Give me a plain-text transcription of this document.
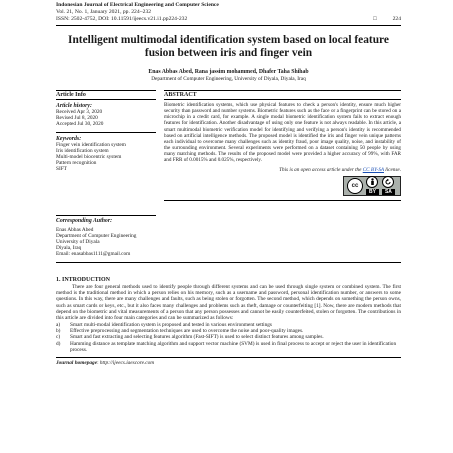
Indonesian Journal of Electrical Engineering and Computer Science
Vol. 21, No. 1, January 2021, pp. 224~232
ISSN: 2502-4752, DOI: 10.11591/ijeecs.v21.i1.pp224-232	□	224
Intelligent multimodal identification system based on local feature fusion between iris and finger vein
Enas Abbas Abed, Rana jassim mohammed, Dhafer Taha Shihab
Department of Computer Engineering, University of Diyala, Diyala, Iraq
Article Info
Article history:
Received Apr 3, 2020
Revised Jul 8, 2020
Accepted Jul 30, 2020
Keywords:
Finger vein identification system
Iris identification system
Multi-model biocentric system
Pattern recognition
SIFT
ABSTRACT
Biometric identification systems, which use physical features to check a person's identity, ensure much higher security than password and number systems. Biometric features such as the face or a fingerprint can be stored on a microchip in a credit card, for example. A single modal biometric identification system fails to extract enough features for identification. Another disadvantage of using only one feature is not always readable. In this article, a smart multimodal biometric verification model for identifying and verifying a person's identity is recommended based on artificial intelligence methods. The proposed model is identified the iris and finger vein unique patterns each individual to overcome many challenges such as identity fraud, poor image quality, noise, and instability of the surrounding environment. Several experiments were performed on a dataset containing 50 people by using many matching methods. The results of the proposed model were provided a higher accuracy of 99%, with FAR and FRR of 0.0015% and 0.025%, respectively.
This is an open access article under the CC BY-SA license.
cc
BY	SA
Corresponding Author:
Enas Abbas Abed
Department of Computer Engineering
University of Diyala
Diyala, Iraq
Email: enasabbas1111@gmail.com
1. INTRODUCTION
There are four general methods used to identify people through different systems and can be used through single system or combined system. The first method is the traditional method in which a person relies on his memory, such as a username and password, personal identification number, or answers to some questions. In this way, there are many challenges and faults, such as being stolen or forgotten. The second method, which depends on something the person owns, such as smart cards or keys, etc., but it also faces many challenges and problems such as theft, damage or counterfeiting [1]. Now, there are modern methods that depend on the biometric and vital measurements of a person that any person possesses and cannot be easily counterfeited, stolen or forgotten. The contributions in this article are divided into four main categories and can be summarized as follows:
a)	Smart multi-modal identification system is proposed and tested in various environment settings
b)	Effective preprocessing and segmentation techniques are used to overcome the noise and poor-quality images.
c)	Smart and fast extracting and selecting features algorithm (Fast-SIFT) is used to select distinct features among samples.
d)	Hamming distance as template matching algorithm and support vector machine (SVM) is used in final process to accept or reject the user in identification process.
Journal homepage: http://ijeecs.iaescore.com
